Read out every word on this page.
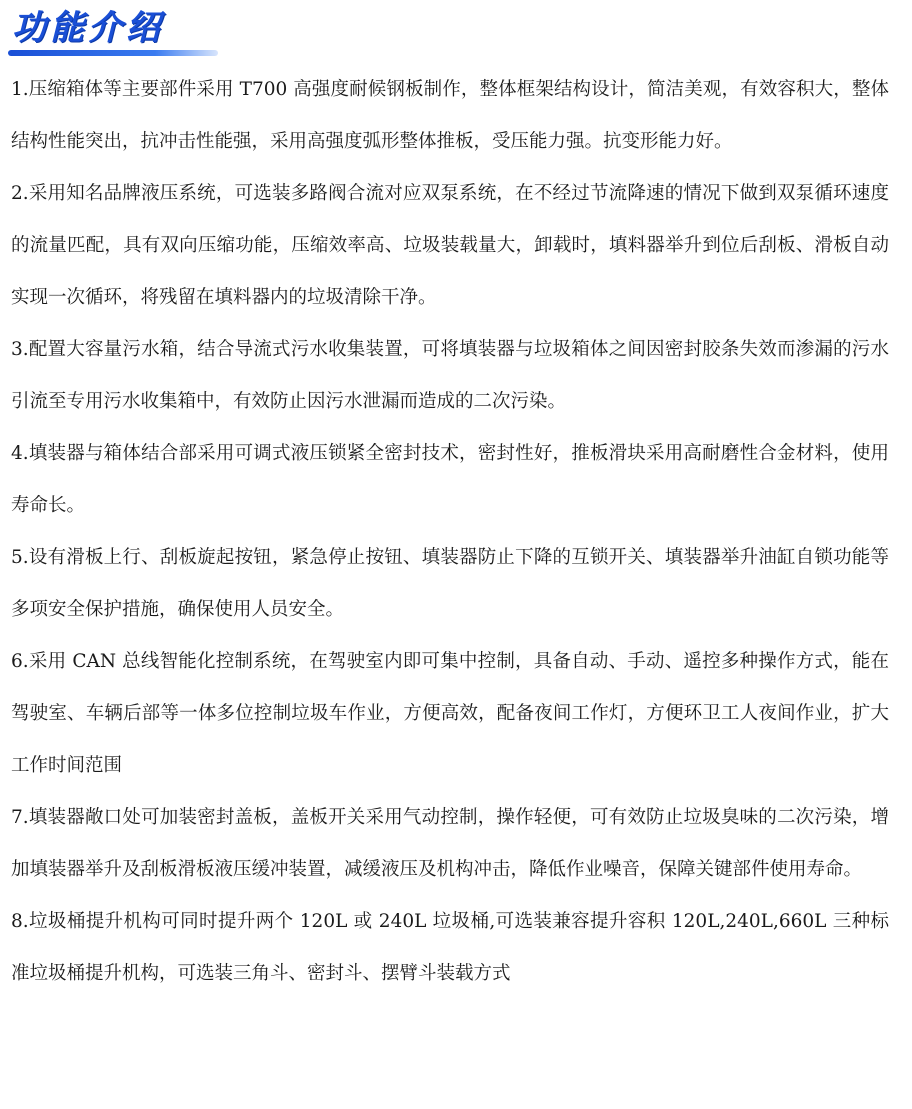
功能介绍

1.压缩箱体等主要部件采用 T700 高强度耐候钢板制作，整体框架结构设计，简洁美观，有效容积大，整体结构性能突出，抗冲击性能强，采用高强度弧形整体推板，受压能力强。抗变形能力好。

2.采用知名品牌液压系统，可选装多路阀合流对应双泵系统，在不经过节流降速的情况下做到双泵循环速度的流量匹配，具有双向压缩功能，压缩效率高、垃圾装载量大，卸载时，填料器举升到位后刮板、滑板自动实现一次循环，将残留在填料器内的垃圾清除干净。

3.配置大容量污水箱，结合导流式污水收集装置，可将填装器与垃圾箱体之间因密封胶条失效而渗漏的污水引流至专用污水收集箱中，有效防止因污水泄漏而造成的二次污染。

4.填装器与箱体结合部采用可调式液压锁紧全密封技术，密封性好，推板滑块采用高耐磨性合金材料，使用寿命长。

5.设有滑板上行、刮板旋起按钮，紧急停止按钮、填装器防止下降的互锁开关、填装器举升油缸自锁功能等多项安全保护措施，确保使用人员安全。

6.采用 CAN 总线智能化控制系统，在驾驶室内即可集中控制，具备自动、手动、遥控多种操作方式，能在驾驶室、车辆后部等一体多位控制垃圾车作业，方便高效，配备夜间工作灯，方便环卫工人夜间作业，扩大工作时间范围

7.填装器敞口处可加装密封盖板，盖板开关采用气动控制，操作轻便，可有效防止垃圾臭味的二次污染，增加填装器举升及刮板滑板液压缓冲装置，减缓液压及机构冲击，降低作业噪音，保障关键部件使用寿命。

8.垃圾桶提升机构可同时提升两个 120L 或 240L 垃圾桶,可选装兼容提升容积 120L,240L,660L 三种标准垃圾桶提升机构，可选装三角斗、密封斗、摆臂斗装载方式
